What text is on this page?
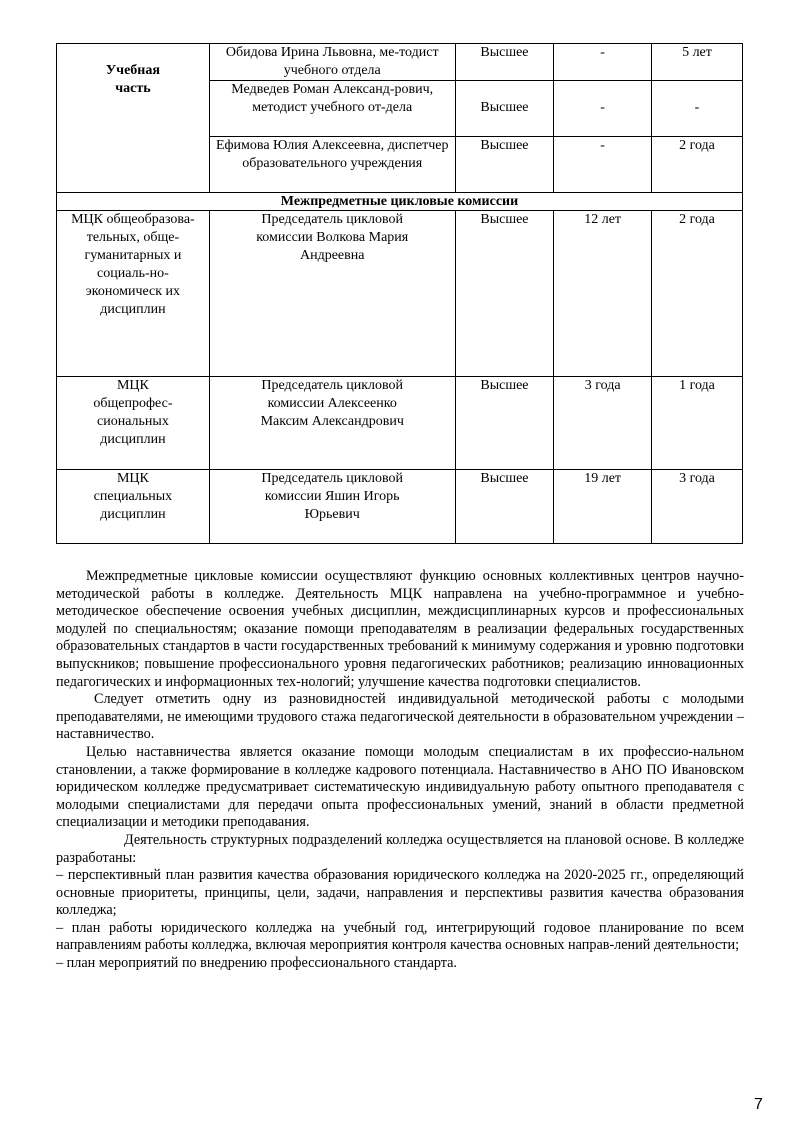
Учебная часть	Обидова Ирина Львовна, ме-тодист учебного отдела	Высшее	-	5 лет
	Медведев Роман Александ-рович, методист учебного от-дела	Высшее	-	-
	Ефимова Юлия Алексеевна, диспетчер образовательного учреждения	Высшее	-	2 года
Межпредметные цикловые комиссии				

МЦК общеобразова-тельных, обще-гуманитарных и социаль-но-экономическ их дисциплин	Председатель цикловой комиссии Волкова Мария Андреевна	Высшее	12 лет	2 года

МЦК общепрофес-сиональных дисциплин	Председатель цикловой комиссии Алексеенко Максим Александрович	Высшее	3 года	1 года

МЦК специальных дисциплин	Председатель цикловой комиссии Яшин Игорь Юрьевич	Высшее	19 лет	3 года

Межпредметные цикловые комиссии осуществляют функцию основных коллективных центров научно-методической работы в колледже. Деятельность МЦК направлена на учебно-программное и учебно-методическое обеспечение освоения учебных дисциплин, междисциплинарных курсов и профессиональных модулей по специальностям; оказание помощи преподавателям в реализации федеральных государственных образовательных стандартов в части государственных требований к минимуму содержания и уровню подготовки выпускников; повышение профессионального уровня педагогических работников; реализацию инновационных педагогических и информационных тех-нологий; улучшение качества подготовки специалистов.

Следует отметить одну из разновидностей индивидуальной методической работы с молодыми преподавателями, не имеющими трудового стажа педагогической деятельности в образовательном учреждении – наставничество.

Целью наставничества является оказание помощи молодым специалистам в их профессио-нальном становлении, а также формирование в колледже кадрового потенциала. Наставничество в АНО ПО Ивановском юридическом колледже предусматривает систематическую индивидуальную работу опытного преподавателя с молодыми специалистами для передачи опыта профессиональных умений, знаний в области предметной специализации и методики преподавания.

Деятельность структурных подразделений колледжа осуществляется на плановой основе. В колледже разработаны:

– перспективный план развития качества образования юридического колледжа на 2020-2025 гг., определяющий основные приоритеты, принципы, цели, задачи, направления и перспективы развития качества образования колледжа;

– план работы юридического колледжа на учебный год, интегрирующий годовое планирование по всем направлениям работы колледжа, включая мероприятия контроля качества основных направ-лений деятельности;

– план мероприятий по внедрению профессионального стандарта.

7
